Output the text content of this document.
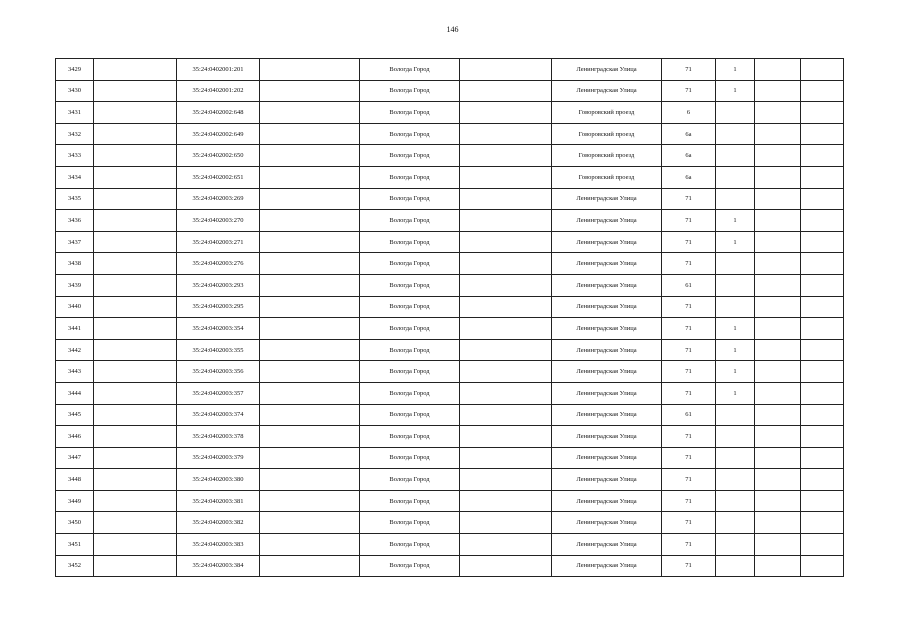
146
3429		35:24:0402001:201		Вологда Город		Ленинградская Улица	71	1		
3430		35:24:0402001:202		Вологда Город		Ленинградская Улица	71	1		
3431		35:24:0402002:648		Вологда Город		Говоровский проезд	6			
3432		35:24:0402002:649		Вологда Город		Говоровский проезд	6а			
3433		35:24:0402002:650		Вологда Город		Говоровский проезд	6а			
3434		35:24:0402002:651		Вологда Город		Говоровский проезд	6а			
3435		35:24:0402003:269		Вологда Город		Ленинградская Улица	71			
3436		35:24:0402003:270		Вологда Город		Ленинградская Улица	71	1		
3437		35:24:0402003:271		Вологда Город		Ленинградская Улица	71	1		
3438		35:24:0402003:276		Вологда Город		Ленинградская Улица	71			
3439		35:24:0402003:293		Вологда Город		Ленинградская Улица	61			
3440		35:24:0402003:295		Вологда Город		Ленинградская Улица	71			
3441		35:24:0402003:354		Вологда Город		Ленинградская Улица	71	1		
3442		35:24:0402003:355		Вологда Город		Ленинградская Улица	71	1		
3443		35:24:0402003:356		Вологда Город		Ленинградская Улица	71	1		
3444		35:24:0402003:357		Вологда Город		Ленинградская Улица	71	1		
3445		35:24:0402003:374		Вологда Город		Ленинградская Улица	61			
3446		35:24:0402003:378		Вологда Город		Ленинградская Улица	71			
3447		35:24:0402003:379		Вологда Город		Ленинградская Улица	71			
3448		35:24:0402003:380		Вологда Город		Ленинградская Улица	71			
3449		35:24:0402003:381		Вологда Город		Ленинградская Улица	71			
3450		35:24:0402003:382		Вологда Город		Ленинградская Улица	71			
3451		35:24:0402003:383		Вологда Город		Ленинградская Улица	71			
3452		35:24:0402003:384		Вологда Город		Ленинградская Улица	71			
